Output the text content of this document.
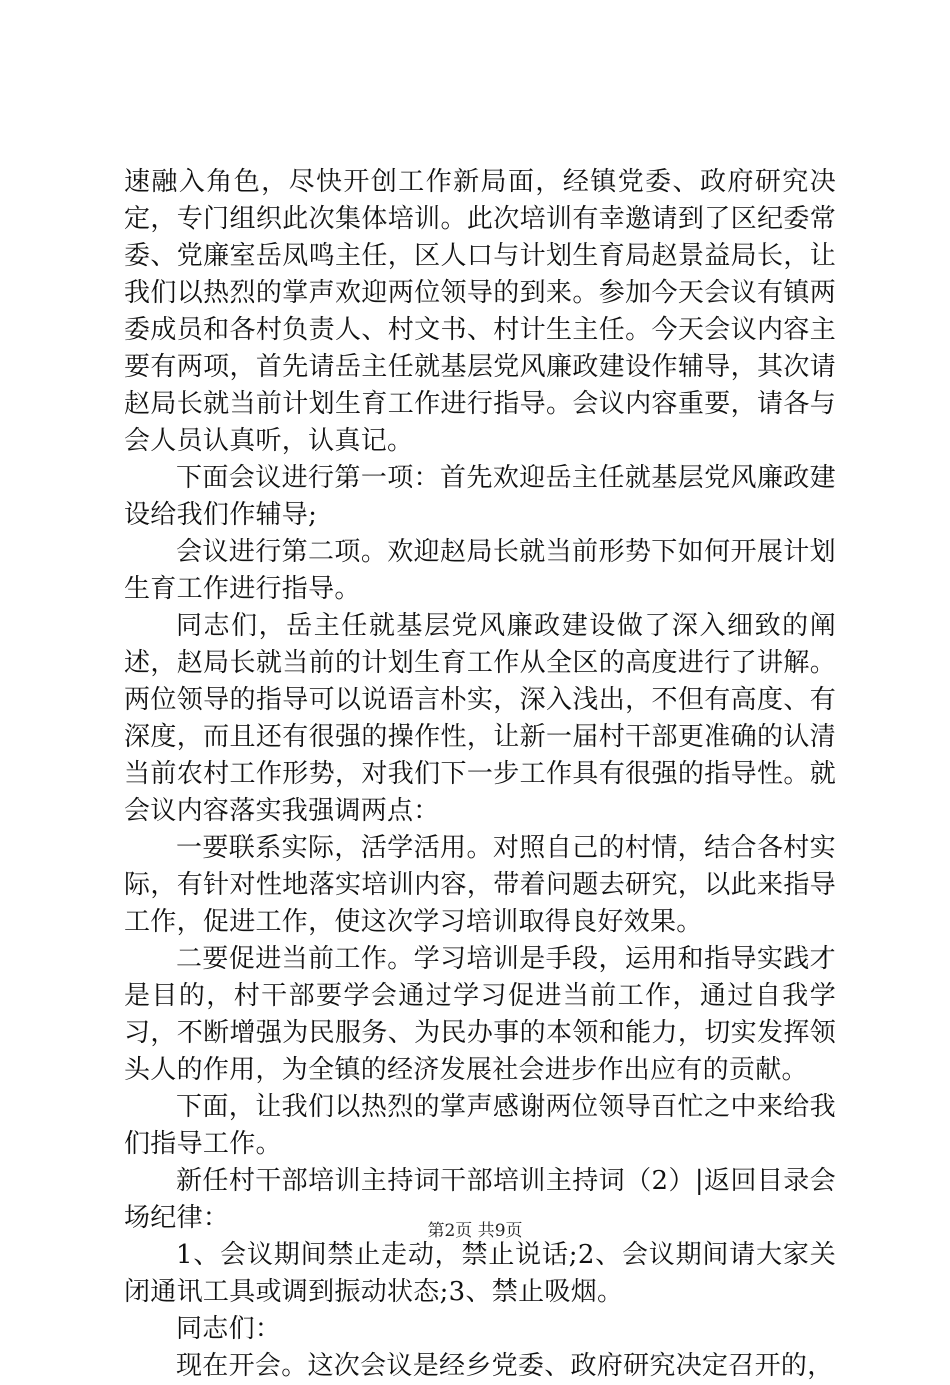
速融入角色，尽快开创工作新局面，经镇党委、政府研究决定，专门组织此次集体培训。此次培训有幸邀请到了区纪委常委、党廉室岳凤鸣主任，区人口与计划生育局赵景益局长，让我们以热烈的掌声欢迎两位领导的到来。参加今天会议有镇两委成员和各村负责人、村文书、村计生主任。今天会议内容主要有两项，首先请岳主任就基层党风廉政建设作辅导，其次请赵局长就当前计划生育工作进行指导。会议内容重要，请各与会人员认真听，认真记。

下面会议进行第一项：首先欢迎岳主任就基层党风廉政建设给我们作辅导;

会议进行第二项。欢迎赵局长就当前形势下如何开展计划生育工作进行指导。

同志们，岳主任就基层党风廉政建设做了深入细致的阐述，赵局长就当前的计划生育工作从全区的高度进行了讲解。两位领导的指导可以说语言朴实，深入浅出，不但有高度、有深度，而且还有很强的操作性，让新一届村干部更准确的认清当前农村工作形势，对我们下一步工作具有很强的指导性。就会议内容落实我强调两点：

一要联系实际，活学活用。对照自己的村情，结合各村实际，有针对性地落实培训内容，带着问题去研究，以此来指导工作，促进工作，使这次学习培训取得良好效果。

二要促进当前工作。学习培训是手段，运用和指导实践才是目的，村干部要学会通过学习促进当前工作，通过自我学习，不断增强为民服务、为民办事的本领和能力，切实发挥领头人的作用，为全镇的经济发展社会进步作出应有的贡献。

下面，让我们以热烈的掌声感谢两位领导百忙之中来给我们指导工作。

新任村干部培训主持词干部培训主持词（2）|返回目录会场纪律：

1、会议期间禁止走动，禁止说话;2、会议期间请大家关闭通讯工具或调到振动状态;3、禁止吸烟。

同志们：

现在开会。这次会议是经乡党委、政府研究决定召开的，

第2页 共9页
